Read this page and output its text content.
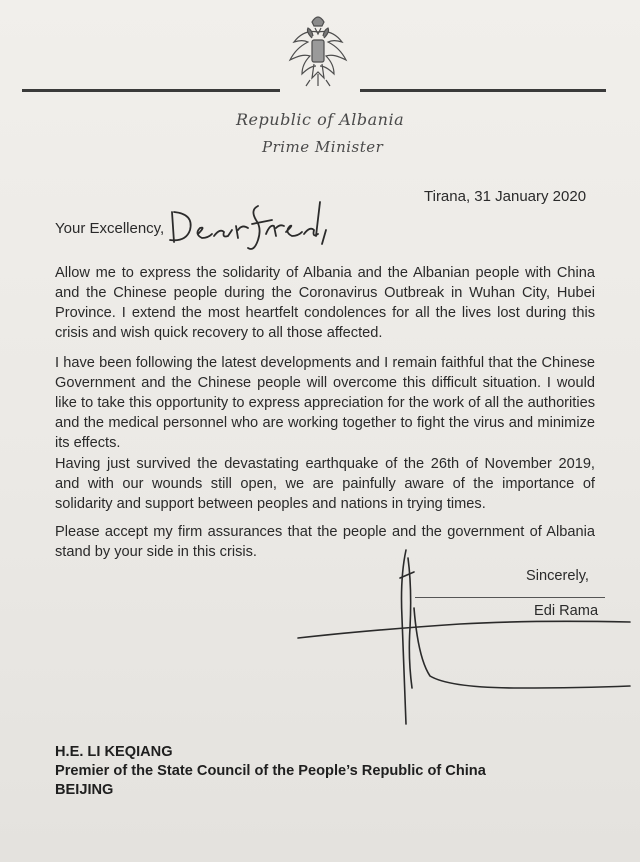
Republic of Albania
Prime Minister
Tirana, 31 January 2020
Your Excellency,

Allow me to express the solidarity of Albania and the Albanian people with China and the Chinese people during the Coronavirus Outbreak in Wuhan City, Hubei Province. I extend the most heartfelt condolences for all the lives lost during this crisis and wish quick recovery to all those affected.

I have been following the latest developments and I remain faithful that the Chinese Government and the Chinese people will overcome this difficult situation. I would like to take this opportunity to express appreciation for the work of all the authorities and the medical personnel who are working together to fight the virus and minimize its effects.

Having just survived the devastating earthquake of the 26th of November 2019, and with our wounds still open, we are painfully aware of the importance of solidarity and support between peoples and nations in trying times.

Please accept my firm assurances that the people and the government of Albania stand by your side in this crisis.

Sincerely,
Edi Rama
H.E. LI KEQIANG
Premier of the State Council of the People’s Republic of China
BEIJING
